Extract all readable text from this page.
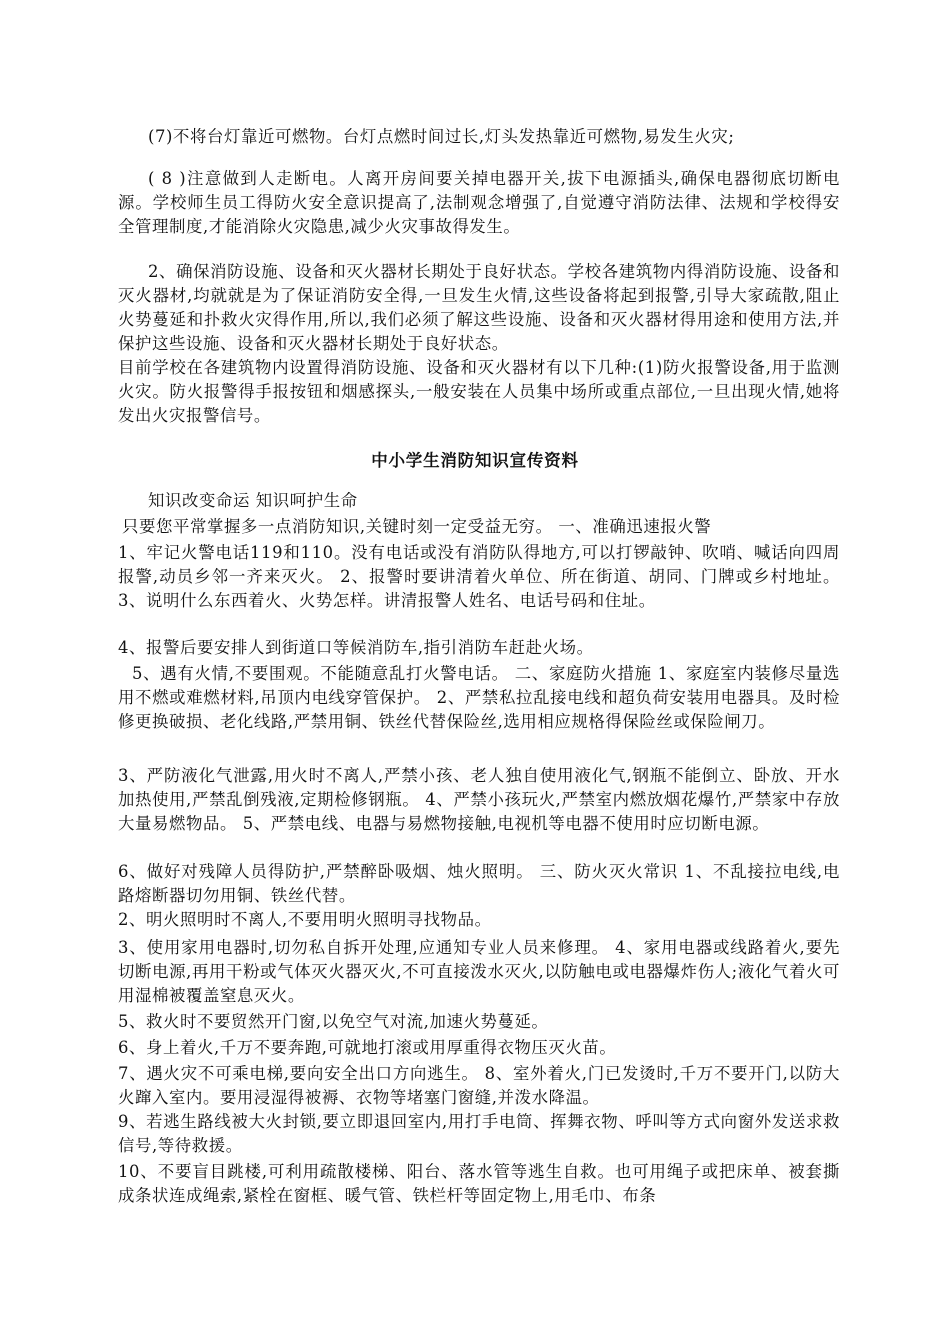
(7)不将台灯靠近可燃物。台灯点燃时间过长,灯头发热靠近可燃物,易发生火灾;

( 8 )注意做到人走断电。人离开房间要关掉电器开关,拔下电源插头,确保电器彻底切断电源。学校师生员工得防火安全意识提高了,法制观念增强了,自觉遵守消防法律、法规和学校得安全管理制度,才能消除火灾隐患,减少火灾事故得发生。

2、确保消防设施、设备和灭火器材长期处于良好状态。学校各建筑物内得消防设施、设备和灭火器材,均就就是为了保证消防安全得,一旦发生火情,这些设备将起到报警,引导大家疏散,阻止火势蔓延和扑救火灾得作用,所以,我们必须了解这些设施、设备和灭火器材得用途和使用方法,并保护这些设施、设备和灭火器材长期处于良好状态。

目前学校在各建筑物内设置得消防设施、设备和灭火器材有以下几种:(1)防火报警设备,用于监测火灾。防火报警得手报按钮和烟感探头,一般安装在人员集中场所或重点部位,一旦出现火情,她将发出火灾报警信号。

中小学生消防知识宣传资料

知识改变命运 知识呵护生命

只要您平常掌握多一点消防知识,关键时刻一定受益无穷。 一、准确迅速报火警

1、牢记火警电话119和110。没有电话或没有消防队得地方,可以打锣敲钟、吹哨、喊话向四周报警,动员乡邻一齐来灭火。 2、报警时要讲清着火单位、所在街道、胡同、门牌或乡村地址。 3、说明什么东西着火、火势怎样。讲清报警人姓名、电话号码和住址。

4、报警后要安排人到街道口等候消防车,指引消防车赶赴火场。

5、遇有火情,不要围观。不能随意乱打火警电话。 二、家庭防火措施 1、家庭室内装修尽量选用不燃或难燃材料,吊顶内电线穿管保护。 2、严禁私拉乱接电线和超负荷安装用电器具。及时检修更换破损、老化线路,严禁用铜、铁丝代替保险丝,选用相应规格得保险丝或保险闸刀。

3、严防液化气泄露,用火时不离人,严禁小孩、老人独自使用液化气,钢瓶不能倒立、卧放、开水加热使用,严禁乱倒残液,定期检修钢瓶。 4、严禁小孩玩火,严禁室内燃放烟花爆竹,严禁家中存放大量易燃物品。 5、严禁电线、电器与易燃物接触,电视机等电器不使用时应切断电源。

6、做好对残障人员得防护,严禁醉卧吸烟、烛火照明。 三、防火灭火常识 1、不乱接拉电线,电路熔断器切勿用铜、铁丝代替。

2、明火照明时不离人,不要用明火照明寻找物品。

3、使用家用电器时,切勿私自拆开处理,应通知专业人员来修理。 4、家用电器或线路着火,要先切断电源,再用干粉或气体灭火器灭火,不可直接泼水灭火,以防触电或电器爆炸伤人;液化气着火可用湿棉被覆盖窒息灭火。

5、救火时不要贸然开门窗,以免空气对流,加速火势蔓延。

6、身上着火,千万不要奔跑,可就地打滚或用厚重得衣物压灭火苗。

7、遇火灾不可乘电梯,要向安全出口方向逃生。 8、室外着火,门已发烫时,千万不要开门,以防大火蹿入室内。要用浸湿得被褥、衣物等堵塞门窗缝,并泼水降温。

9、若逃生路线被大火封锁,要立即退回室内,用打手电筒、挥舞衣物、呼叫等方式向窗外发送求救信号,等待救援。

10、不要盲目跳楼,可利用疏散楼梯、阳台、落水管等逃生自救。也可用绳子或把床单、被套撕成条状连成绳索,紧栓在窗框、暖气管、铁栏杆等固定物上,用毛巾、布条
